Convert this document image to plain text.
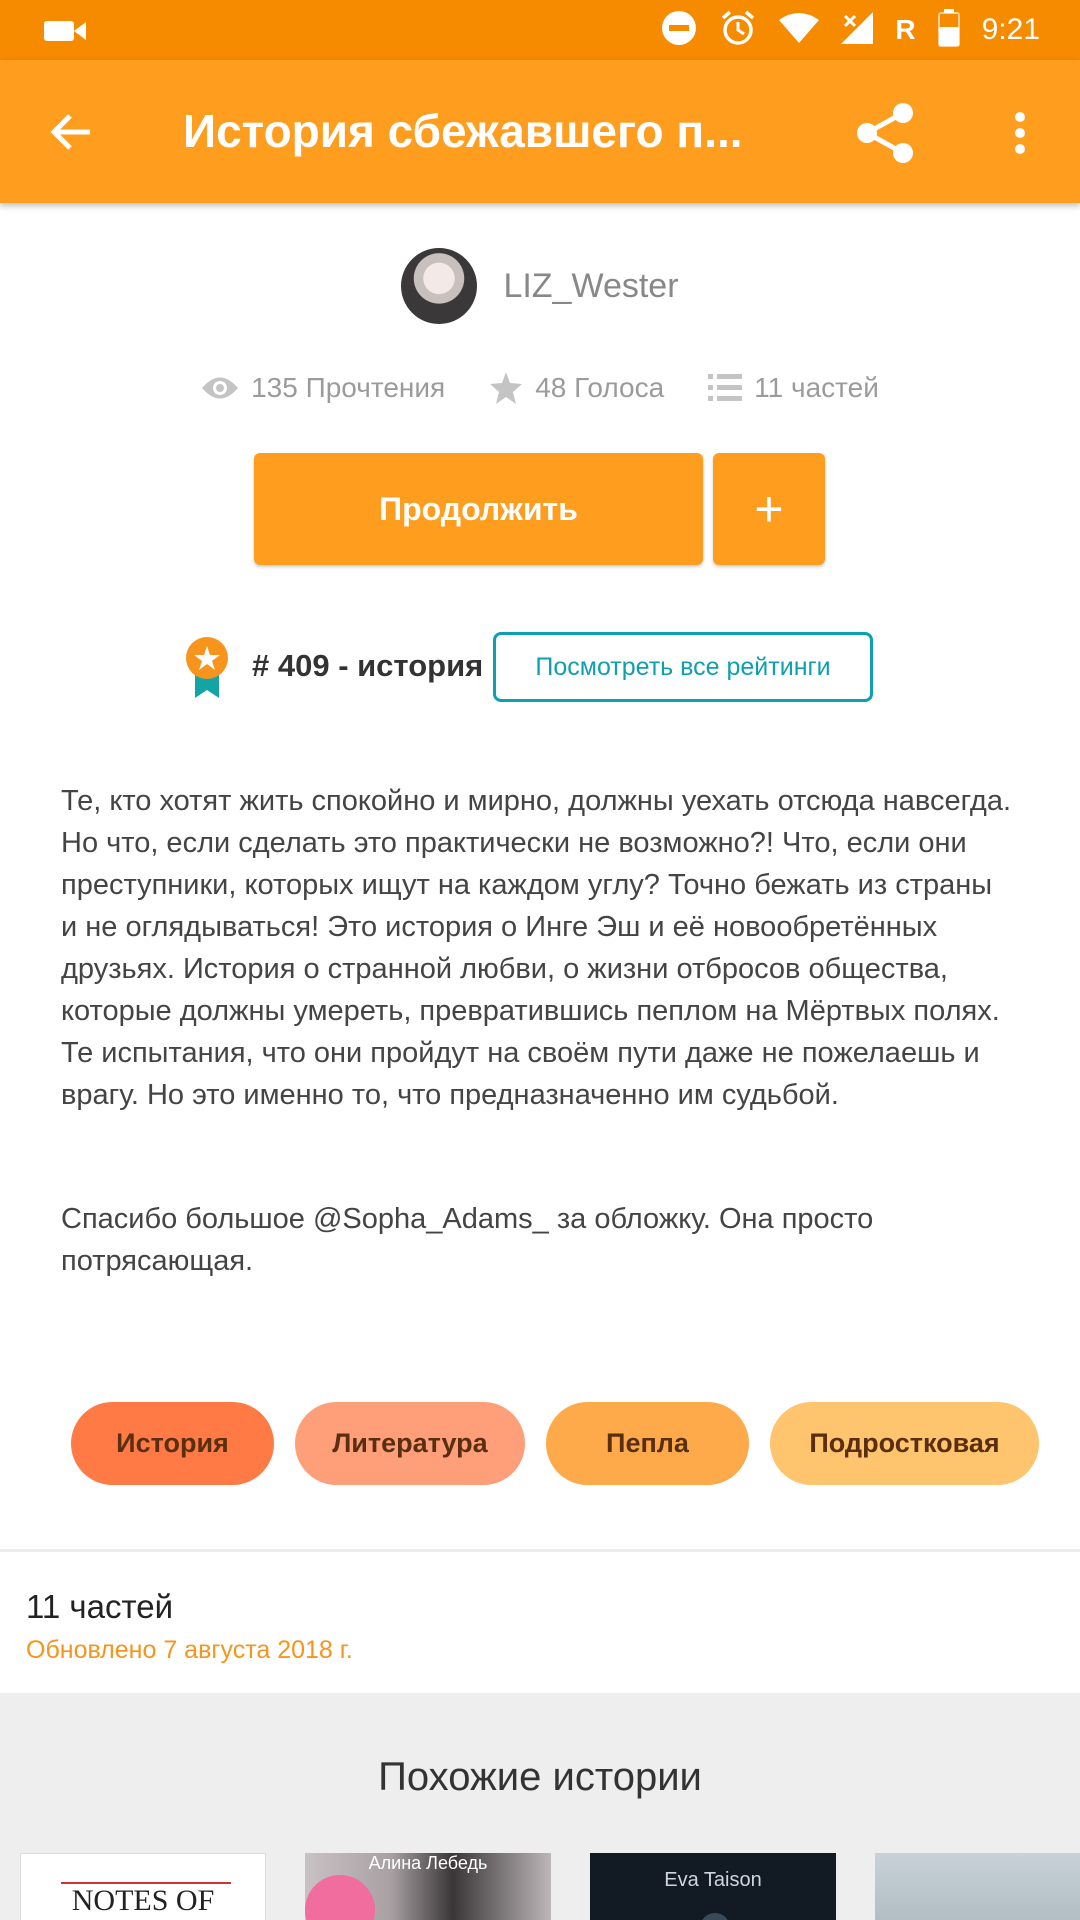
R 9:21
История сбежавшего п...
LIZ_Wester
135 Прочтения	48 Голоса	11 частей
Продолжить	+
# 409 - история	Посмотреть все рейтинги

Те, кто хотят жить спокойно и мирно, должны уехать отсюда навсегда. Но что, если сделать это практически не возможно?! Что, если они преступники, которых ищут на каждом углу? Точно бежать из страны и не оглядываться! Это история о Инге Эш и её новообретённых друзьях. История о странной любви, о жизни отбросов общества, которые должны умереть, превратившись пеплом на Мёртвых полях. Те испытания, что они пройдут на своём пути даже не пожелаешь и врагу. Но это именно то, что предназначенно им судьбой.

Спасибо большое @Sopha_Adams_ за обложку. Она просто потрясающая.

История	Литература	Пепла	Подростковая
11 частей
Обновлено 7 августа 2018 г.
Похожие истории
NOTES OF
Алина Лебедь
Eva Taison
